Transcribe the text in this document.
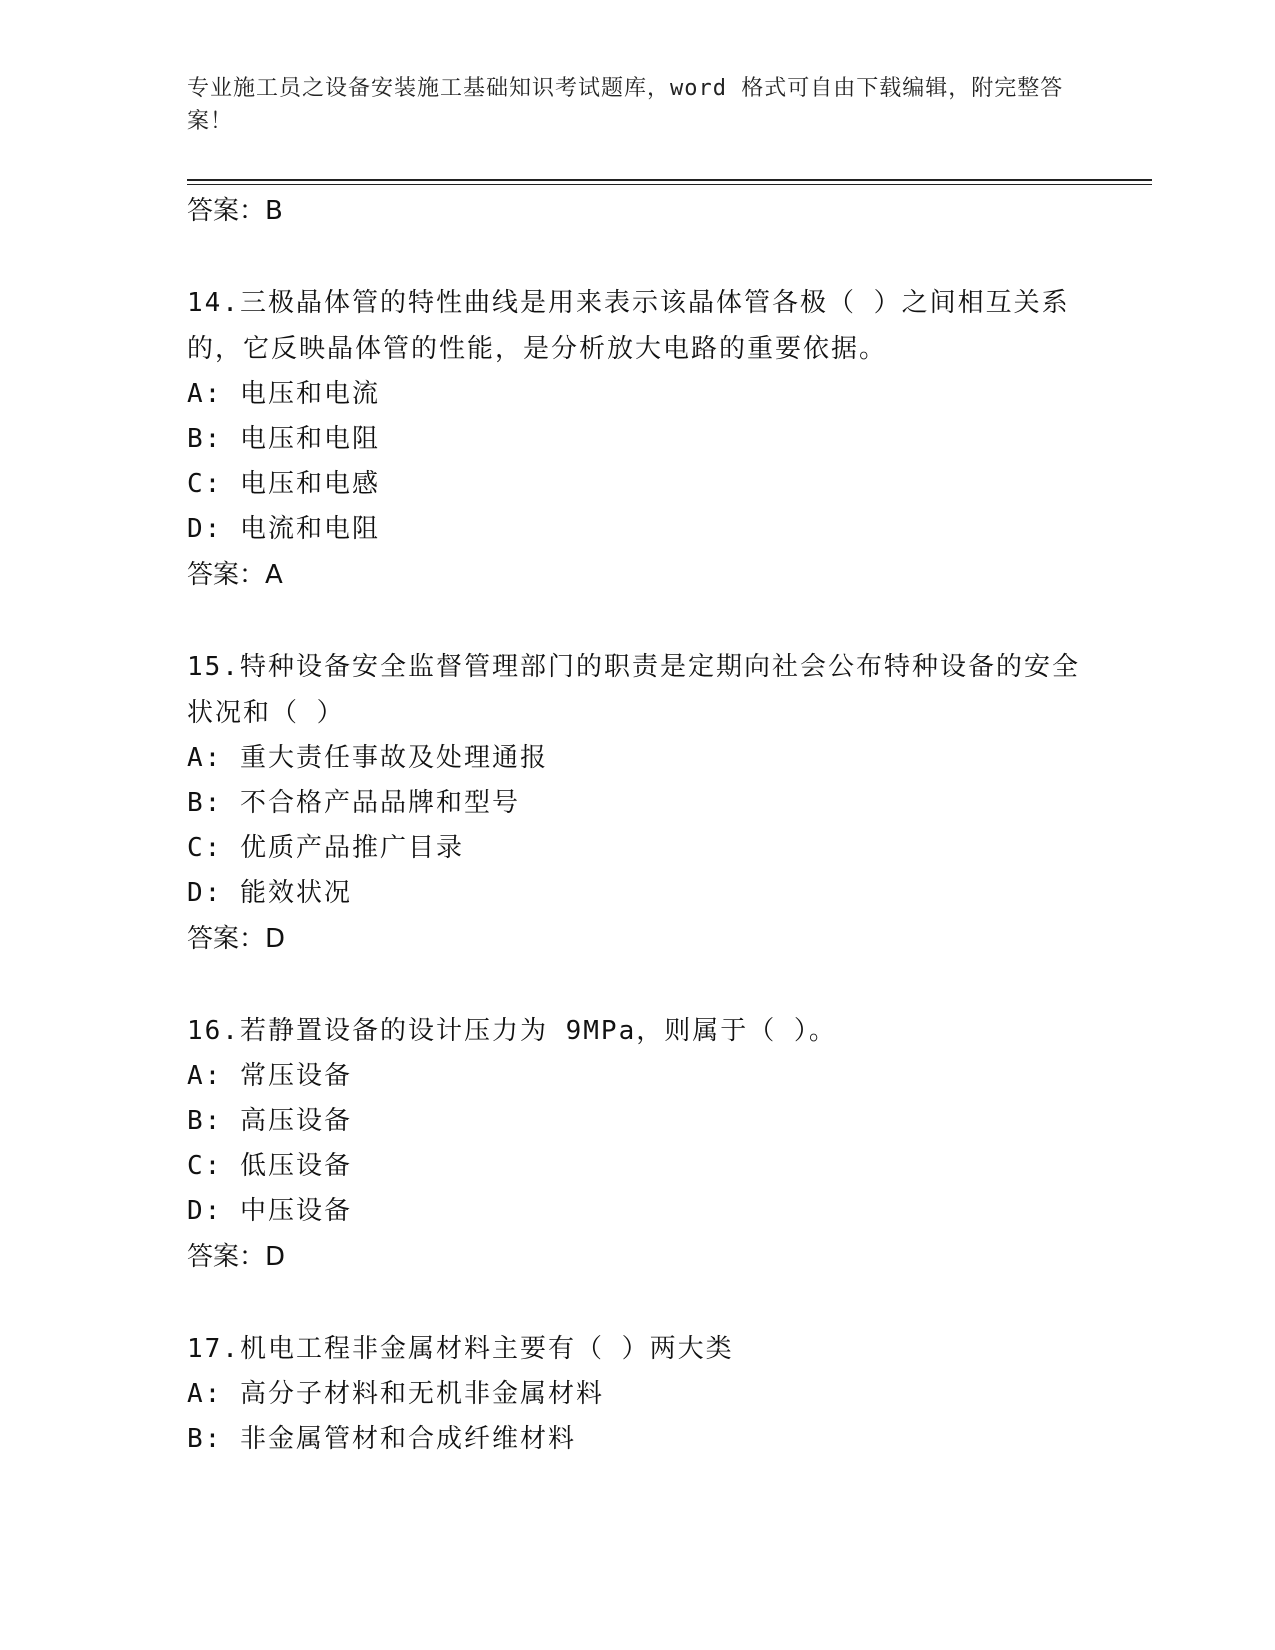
专业施工员之设备安装施工基础知识考试题库，word 格式可自由下载编辑，附完整答案！
答案：B
14.三极晶体管的特性曲线是用来表示该晶体管各极（ ）之间相互关系的，它反映晶体管的性能，是分析放大电路的重要依据。
A: 电压和电流
B: 电压和电阻
C: 电压和电感
D: 电流和电阻
答案：A
15.特种设备安全监督管理部门的职责是定期向社会公布特种设备的安全状况和（ ）
A: 重大责任事故及处理通报
B: 不合格产品品牌和型号
C: 优质产品推广目录
D: 能效状况
答案：D
16.若静置设备的设计压力为 9MPa，则属于（ ）。
A: 常压设备
B: 高压设备
C: 低压设备
D: 中压设备
答案：D
17.机电工程非金属材料主要有（ ）两大类
A: 高分子材料和无机非金属材料
B: 非金属管材和合成纤维材料
